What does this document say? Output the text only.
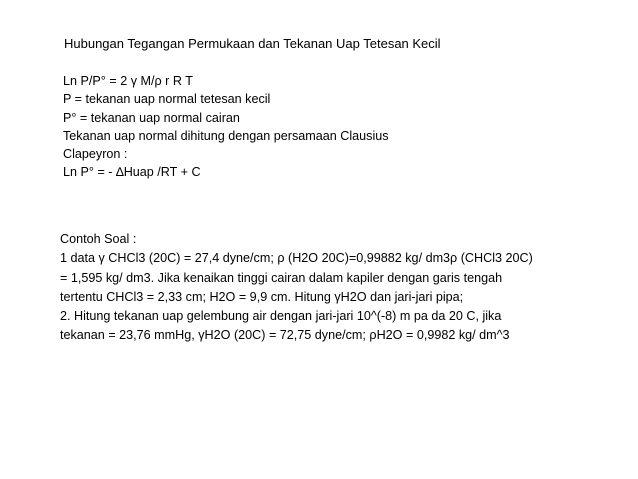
Hubungan Tegangan Permukaan dan Tekanan Uap Tetesan Kecil
Ln P/P° = 2 γ M/ρ r R T
P = tekanan uap normal tetesan kecil
P° = tekanan uap normal cairan
Tekanan uap normal dihitung dengan persamaan Clausius
Clapeyron :
Ln P° = - ∆Huap /RT + C
Contoh Soal :
1 data γ CHCl3 (20C) = 27,4 dyne/cm; ρ (H2O 20C)=0,99882 kg/ dm3ρ (CHCl3 20C)
= 1,595 kg/ dm3. Jika kenaikan tinggi cairan dalam kapiler dengan garis tengah
tertentu CHCl3 = 2,33 cm; H2O = 9,9 cm. Hitung γH2O dan jari-jari pipa;
2. Hitung tekanan uap gelembung air dengan jari-jari 10^(-8) m pa da 20 C, jika
tekanan = 23,76 mmHg, γH2O (20C) = 72,75 dyne/cm; ρH2O = 0,9982 kg/ dm^3
